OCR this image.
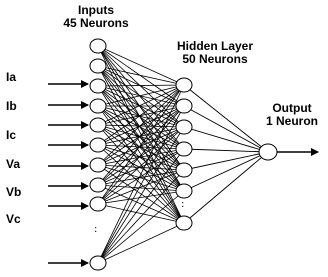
Inputs
45 Neurons
Hidden Layer
50 Neurons
Output
1 Neuron
Ia
Ib
Ic
Va
Vb
Vc
:
:
